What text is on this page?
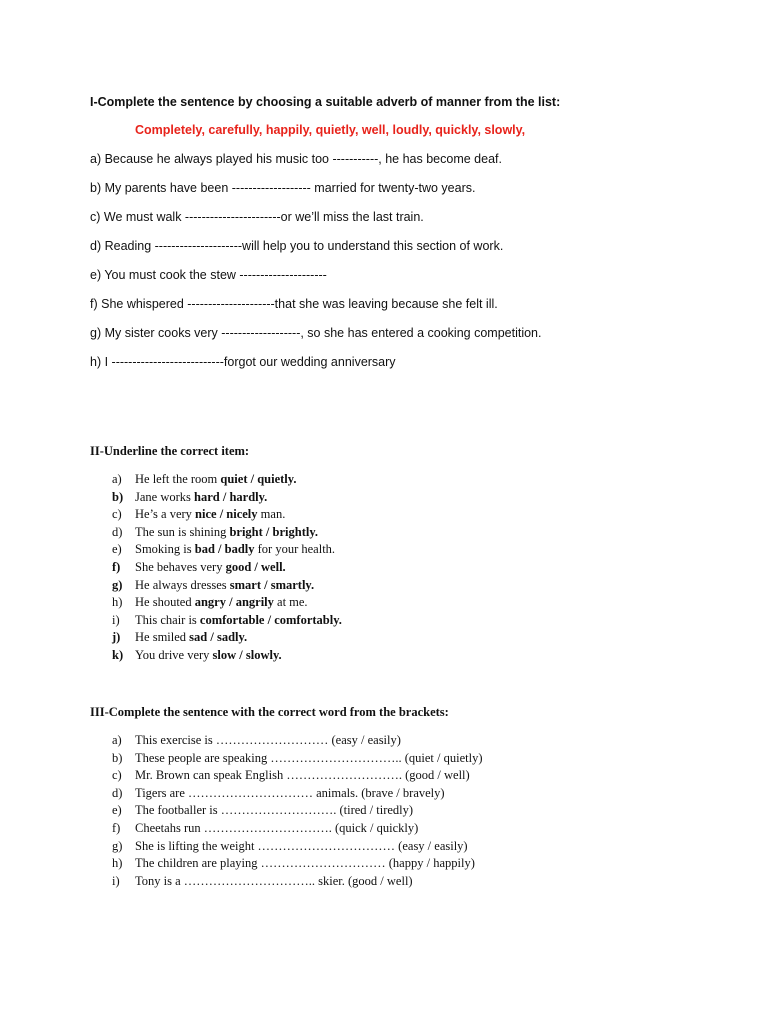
I-Complete the sentence by choosing a suitable adverb of manner from the list:

Completely, carefully, happily, quietly, well, loudly, quickly, slowly,

a) Because he always played his music too -----------, he has become deaf.

b) My parents have been ------------------- married for twenty-two years.

c) We must walk -----------------------or we’ll miss the last train.

d) Reading ---------------------will help you to understand this section of work.

e) You must cook the stew ---------------------

f) She whispered ---------------------that she was leaving because she felt ill.

g) My sister cooks very -------------------, so she has entered a cooking competition.

h) I ---------------------------forgot our wedding anniversary

II-Underline the correct item:

a)	He left the room quiet / quietly.
b) Jane works hard / hardly.
c)	He’s a very nice / nicely man.
d)	The sun is shining bright / brightly.
e)	Smoking is bad / badly for your health.
f)	She behaves very good / well.
g)	He always dresses smart / smartly.
h)	He shouted angry / angrily at me.
i)	This chair is comfortable / comfortably.
j)	He smiled sad / sadly.
k) You drive very slow / slowly.

III-Complete the sentence with the correct word from the brackets:

a)	This exercise is ……………………… (easy / easily)
b)	These people are speaking ………………………….. (quiet / quietly)
c)	Mr. Brown can speak English ………………………. (good / well)
d)	Tigers are ………………………… animals. (brave / bravely)
e)	The footballer is ………………………. (tired / tiredly)
f)	Cheetahs run …………………………. (quick / quickly)
g)	She is lifting the weight …………………………… (easy / easily)
h)	The children are playing ………………………… (happy / happily)
i)	Tony is a ………………………….. skier. (good / well)
